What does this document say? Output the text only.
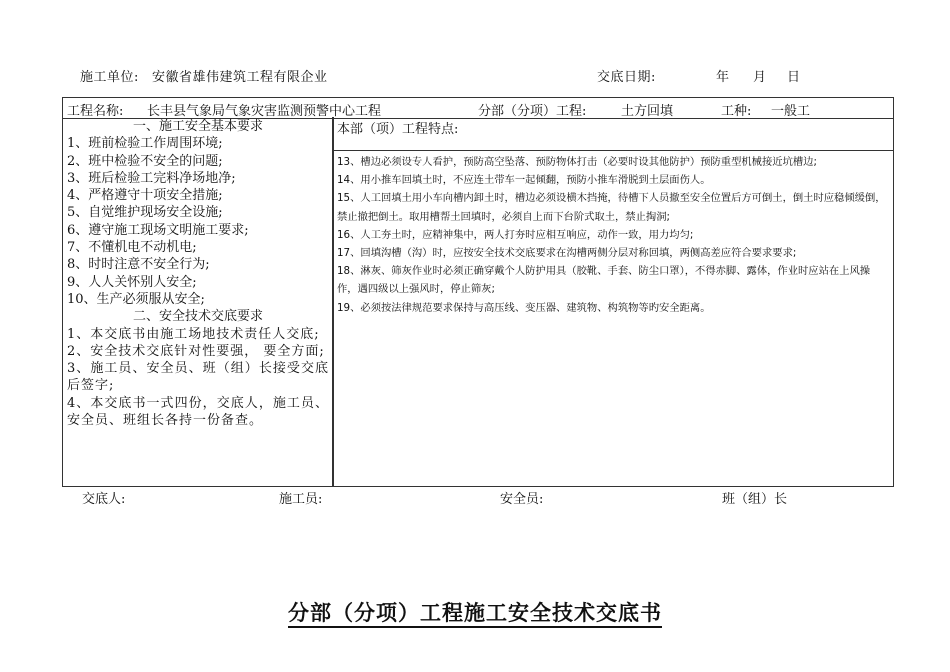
施工单位: 安徽省雄伟建筑工程有限企业	交底日期:	年 月 日
工程名称: 长丰县气象局气象灾害监测预警中心工程	分部（分项）工程:	土方回填	工种: 一般工
一、施工安全基本要求
1、班前检验工作周围环境;
2、班中检验不安全的问题;
3、班后检验工完料净场地净;
4、严格遵守十项安全措施;
5、自觉维护现场安全设施;
6、遵守施工现场文明施工要求;
7、不懂机电不动机电;
8、时时注意不安全行为;
9、人人关怀别人安全;
10、生产必须服从安全;
二、安全技术交底要求
1、本交底书由施工场地技术责任人交底;
2、安全技术交底针对性要强， 要全方面;
3、施工员、安全员、班（组）长接受交底后签字;
4、本交底书一式四份，交底人，施工员、安全员、班组长各持一份备查。
本部（项）工程特点:
13、槽边必须设专人看护，预防高空坠落、预防物体打击（必要时设其他防护）预防重型机械接近坑槽边;
14、用小推车回填土时，不应连土带车一起倾翻，预防小推车滑脱到土层面伤人。
15、人工回填土用小车向槽内卸土时，槽边必须设横木挡掩，待槽下人员撤至安全位置后方可倒土，倒土时应稳倾缓倒，禁止撤把倒土。取用槽帮土回填时，必须自上而下台阶式取土，禁止掏洞;
16、人工夯土时，应精神集中，两人打夯时应相互响应，动作一致，用力均匀;
17、回填沟槽（沟）时，应按安全技术交底要求在沟槽两侧分层对称回填，两侧高差应符合要求要求;
18、淋灰、筛灰作业时必须正确穿戴个人防护用具（胶靴、手套、防尘口罩），不得赤脚、露体，作业时应站在上风操作，遇四级以上强风时，停止筛灰;
19、必须按法律规范要求保持与高压线、变压器、建筑物、构筑物等旳安全距离。
交底人:	施工员:	安全员:	班（组）长
分部（分项）工程施工安全技术交底书
